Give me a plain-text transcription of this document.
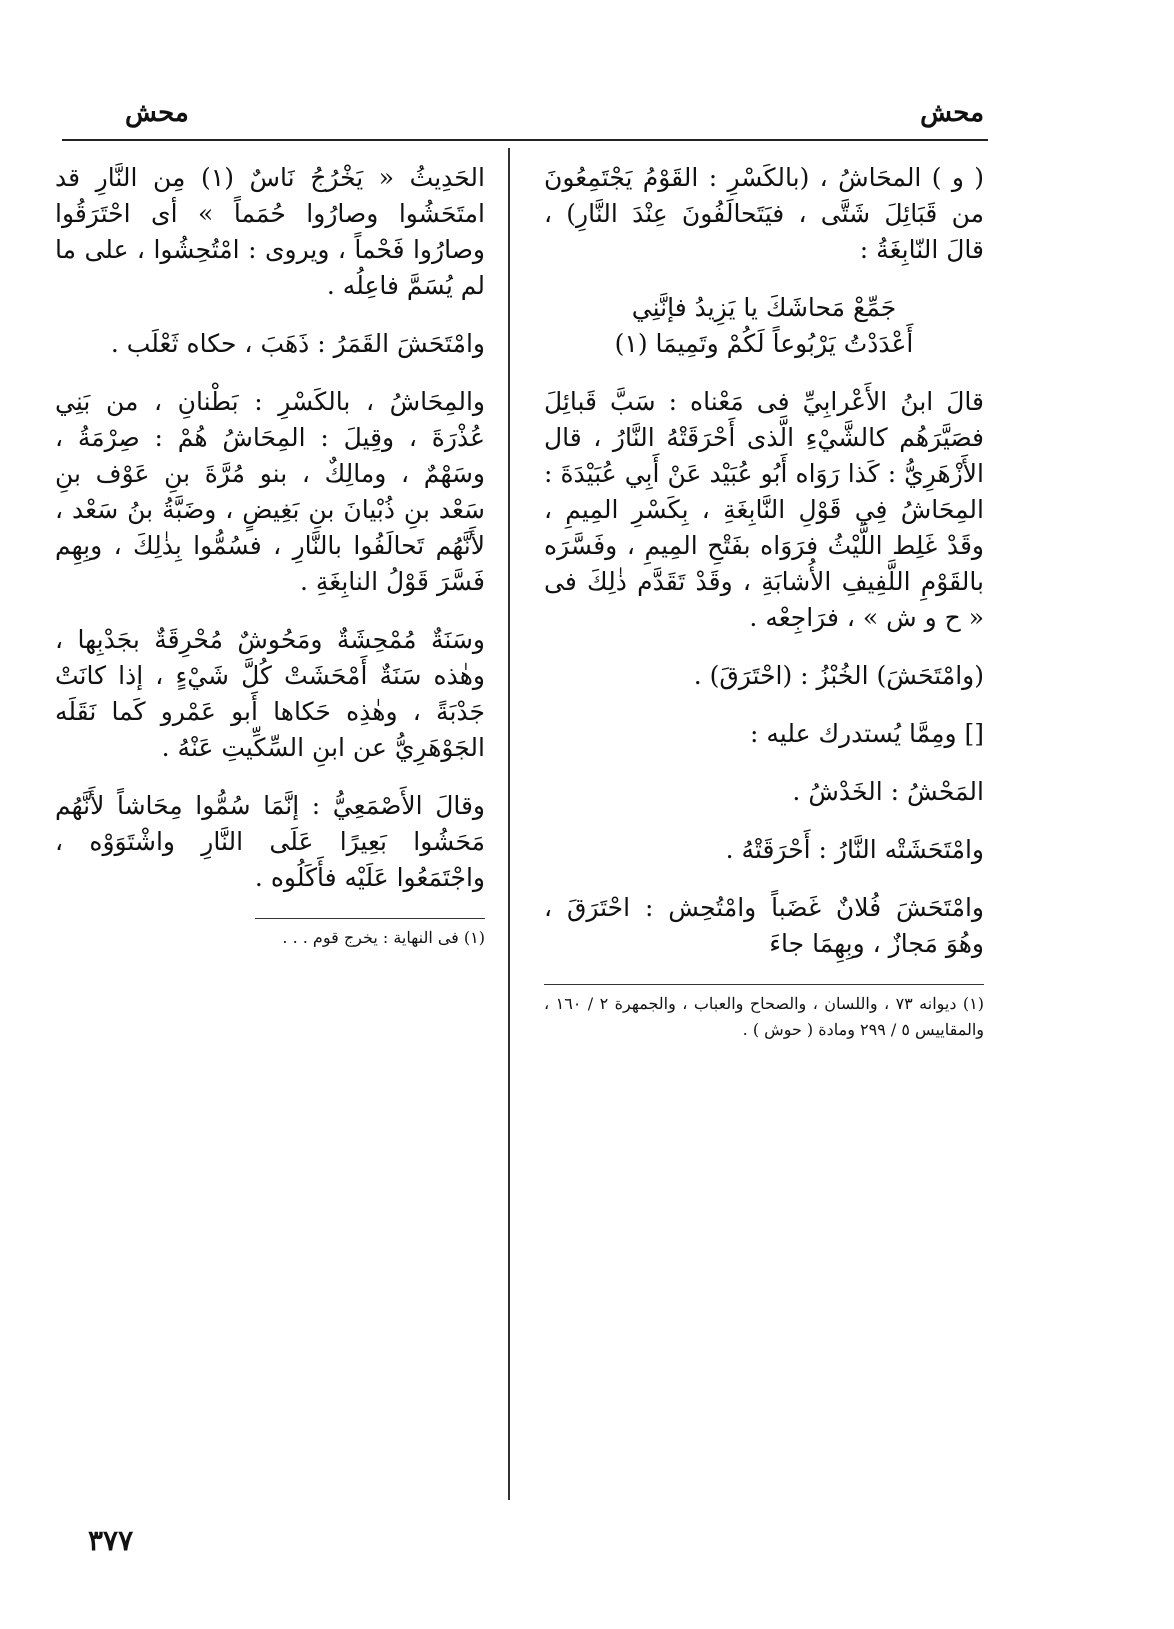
محش
محش

( و ) المحَاشُ ، (بالكَسْرِ : القَوْمُ يَجْتَمِعُونَ من قَبَائِلَ شَتَّى ، فيَتَحالَفُونَ عِنْدَ النَّارِ) ، قالَ النّابِغَةُ :

جَمِّعْ مَحاشَكَ يا يَزِيدُ فإنَّنِي
أَعْدَدْتُ يَرْبُوعاً لَكُمْ وتَمِيمَا (١)

قالَ ابنُ الأَعْرابِيِّ فى مَعْناه : سَبَّ قَبائِلَ فصَيَّرَهُم كالشَّيْءِ الَّذى أَحْرَقَتْهُ النَّارُ ، قال الأَزْهَرِيُّ : كَذا رَوَاه أَبُو عُبَيْد عَنْ أَبِي عُبَيْدَةَ : المِحَاشُ فِي قَوْلِ النَّابِغَةِ ، بِكَسْرِ المِيمِ ، وقَدْ غَلِط اللَّيْثُ فرَوَاه بفَتْحِ المِيمِ ، وفَسَّرَه بالقَوْمِ اللَّفِيفِ الأُشابَةِ ، وقَدْ تَقَدَّم ذٰلِكَ فى « ح و ش » ، فرَاجِعْه .

(وامْتَحَشَ) الخُبْزُ : (احْتَرَقَ) .

[] ومِمَّا يُستدرك عليه :

المَحْشُ : الخَدْشُ .

وامْتَحَشَتْه النَّارُ : أَحْرَقَتْهُ .

وامْتَحَشَ فُلانٌ غَضَباً وامْتُحِش : احْتَرَقَ ، وهُوَ مَجازٌ ، وبِهِمَا جاءَ

(١) ديوانه ٧٣ ، واللسان ، والصحاح والعباب ، والجمهرة ٢ / ١٦٠ ، والمقاييس ٥ / ٢٩٩ ومادة ( حوش ) .

الحَدِيثُ « يَخْرُجُ نَاسٌ (١) مِن النَّارِ قد امتَحَشُوا وصارُوا حُمَماً » أى احْتَرَقُوا وصارُوا فَحْماً ، ويروى : امْتُحِشُوا ، على ما لم يُسَمَّ فاعِلُه .

وامْتَحَشَ القَمَرُ : ذَهَبَ ، حكاه ثَعْلَب .

والمِحَاشُ ، بالكَسْرِ : بَطْنانِ ، من بَنِي عُذْرَةَ ، وقِيلَ : المِحَاشُ هُمْ : صِرْمَةُ ، وسَهْمٌ ، ومالِكٌ ، بنو مُرَّةَ بنِ عَوْف بنِ سَعْد بنِ ذُبْيانَ بنِ بَغِيضٍ ، وضَبَّةُ بنُ سَعْد ، لأَنَّهُم تَحالَفُوا بالنَّارِ ، فسُمُّوا بِذٰلِكَ ، وبِهِم فَسَّرَ قَوْلُ النابِغَةِ .

وسَنَةٌ مُمْحِشَةٌ ومَحُوشٌ مُحْرِقَةٌ بجَدْبِها ، وهٰذه سَنَةٌ أَمْحَشَتْ كُلَّ شَيْءٍ ، إذا كانَتْ جَدْبَةً ، وهٰذِه حَكاها أَبو عَمْرو كَما نَقَلَه الجَوْهَرِيُّ عن ابنِ السِّكِّيتِ عَنْهُ .

وقالَ الأَصْمَعِيُّ : إنَّمَا سُمُّوا مِحَاشاً لأَنَّهُم مَحَشُوا بَعِيرًا عَلَى النَّارِ واشْتَوَوْه ، واجْتَمَعُوا عَلَيْه فأَكَلُوه .

(١) فى النهاية : يخرج قوم . . .

٣٧٧
